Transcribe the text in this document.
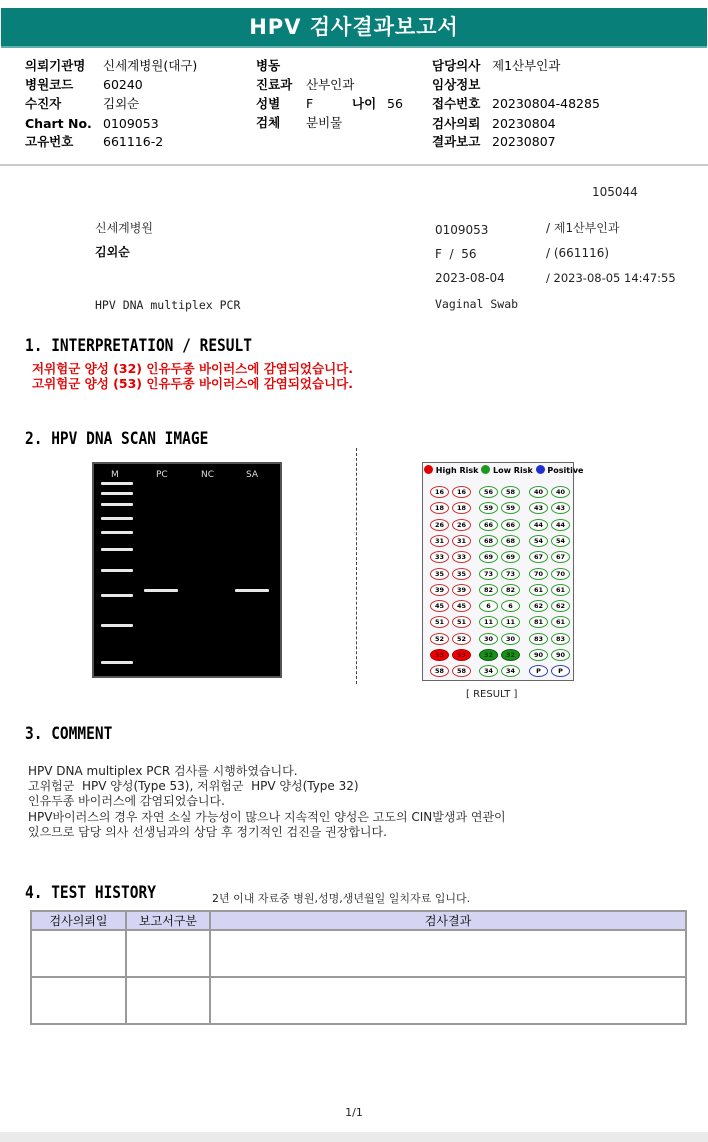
HPV 검사결과보고서
의뢰기관명 신세계병원(대구)
병원코드 60240
수진자	김외순
Chart No. 0109053
고유번호 661116-2
병동
진료과 산부인과
성별 F	나이 56
검체 분비물
담당의사 제1산부인과
임상정보
접수번호 20230804-48285
검사의뢰 20230804
결과보고 20230807
105044
신세계병원
김외순
HPV DNA multiplex PCR
0109053	/ 제1산부인과
F  /  56	/ (661116)
2023-08-04	/ 2023-08-05 14:47:55
Vaginal Swab
1. INTERPRETATION / RESULT
저위험군 양성 (32) 인유두종 바이러스에 감염되었습니다.
고위험군 양성 (53) 인유두종 바이러스에 감염되었습니다.
2. HPV DNA SCAN IMAGE
M	PC	NC	SA	High Risk Low Risk Positive
16	16	56	58	40	40
18	18	59	59	43	43
26	26	66	66	44	44
31	31	68	68	54	54
33	33	69	69	67	67
35	35	73	73	70	70
39	39	82	82	61	61
45	45	6	6	62	62
51	51	11	11	81	61
52	52	30	30	83	83
53	53	32	32	90	90
58	58	34	34	P	P
[ RESULT ]
3. COMMENT
HPV DNA multiplex PCR 검사를 시행하였습니다.
고위험군  HPV 양성(Type 53), 저위험군  HPV 양성(Type 32)
인유두종 바이러스에 감염되었습니다.
HPV바이러스의 경우 자연 소실 가능성이 많으나 지속적인 양성은 고도의 CIN발생과 연관이
있으므로 담당 의사 선생님과의 상담 후 정기적인 검진을 권장합니다.
4. TEST HISTORY	2년 이내 자료중 병원,성명,생년월일 일치자료 입니다.
검사의뢰일	보고서구분	검사결과

1/1
